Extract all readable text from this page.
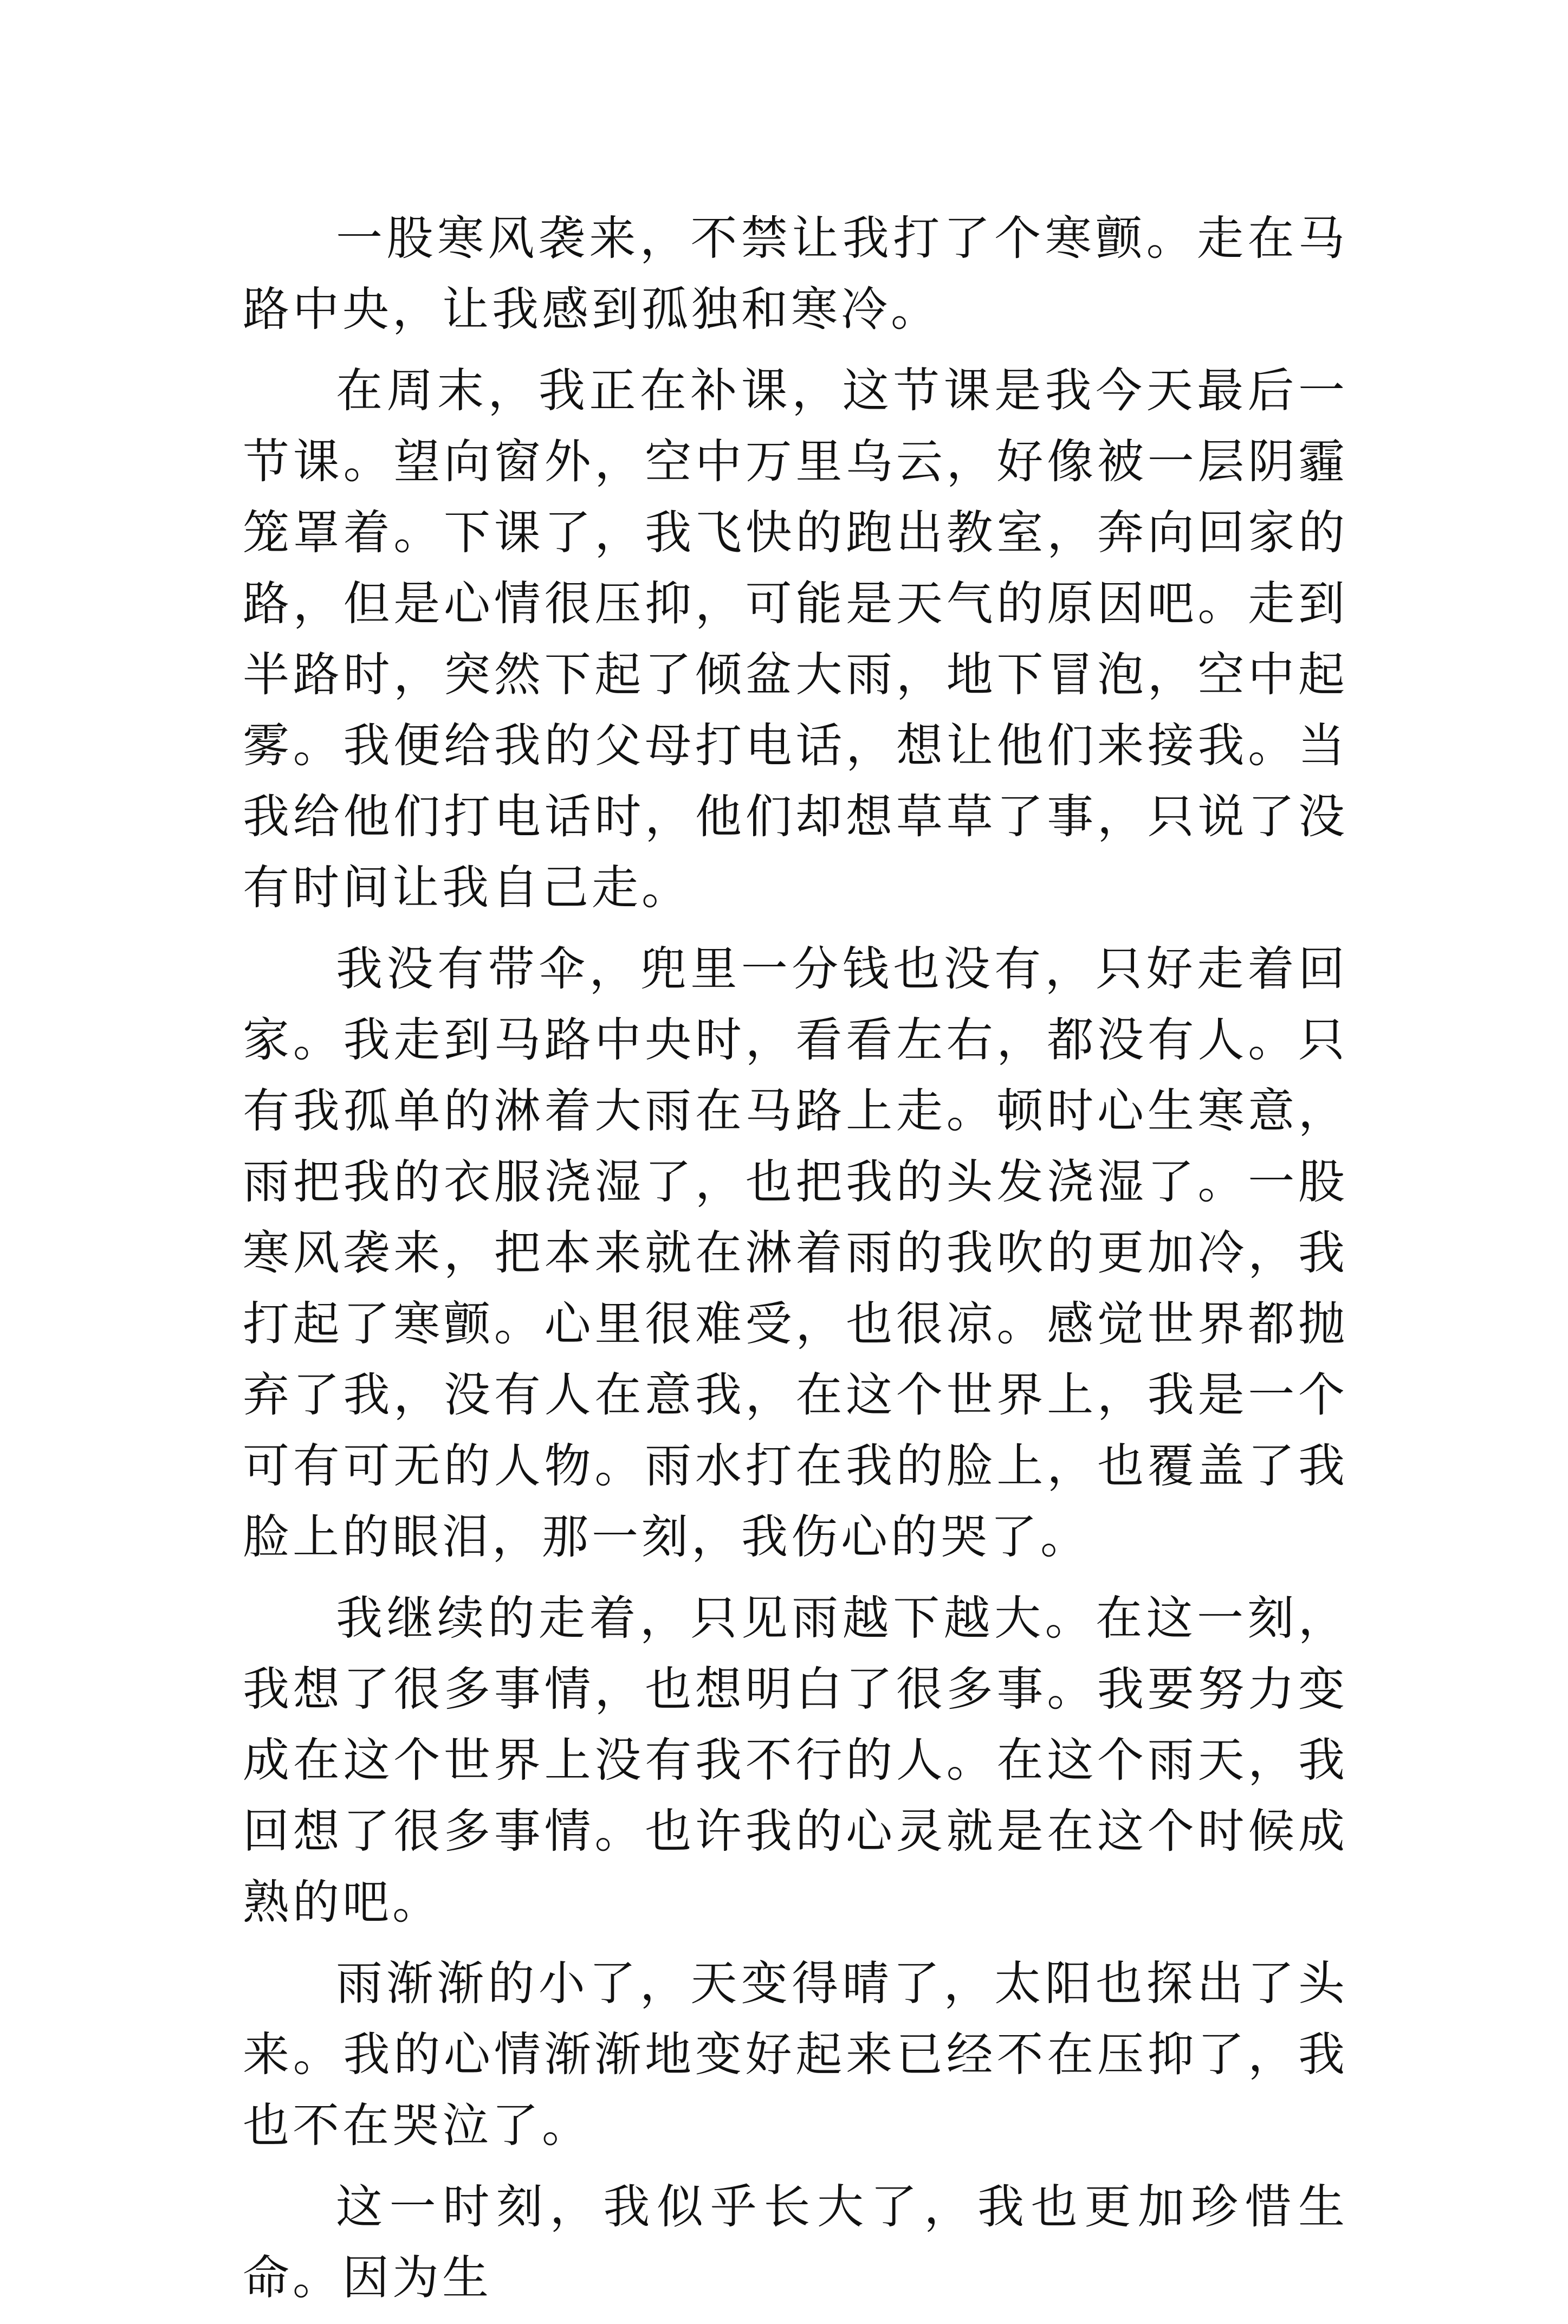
一股寒风袭来，不禁让我打了个寒颤。走在马路中央，让我感到孤独和寒冷。

在周末，我正在补课，这节课是我今天最后一节课。望向窗外，空中万里乌云，好像被一层阴霾笼罩着。下课了，我飞快的跑出教室，奔向回家的路，但是心情很压抑，可能是天气的原因吧。走到半路时，突然下起了倾盆大雨，地下冒泡，空中起雾。我便给我的父母打电话，想让他们来接我。当我给他们打电话时，他们却想草草了事，只说了没有时间让我自己走。

我没有带伞，兜里一分钱也没有，只好走着回家。我走到马路中央时，看看左右，都没有人。只有我孤单的淋着大雨在马路上走。顿时心生寒意，雨把我的衣服浇湿了，也把我的头发浇湿了。一股寒风袭来，把本来就在淋着雨的我吹的更加冷，我打起了寒颤。心里很难受，也很凉。感觉世界都抛弃了我，没有人在意我，在这个世界上，我是一个可有可无的人物。雨水打在我的脸上，也覆盖了我脸上的眼泪，那一刻，我伤心的哭了。

我继续的走着，只见雨越下越大。在这一刻，我想了很多事情，也想明白了很多事。我要努力变成在这个世界上没有我不行的人。在这个雨天，我回想了很多事情。也许我的心灵就是在这个时候成熟的吧。

雨渐渐的小了，天变得晴了，太阳也探出了头来。我的心情渐渐地变好起来已经不在压抑了，我也不在哭泣了。

这一时刻，我似乎长大了，我也更加珍惜生命。因为生
